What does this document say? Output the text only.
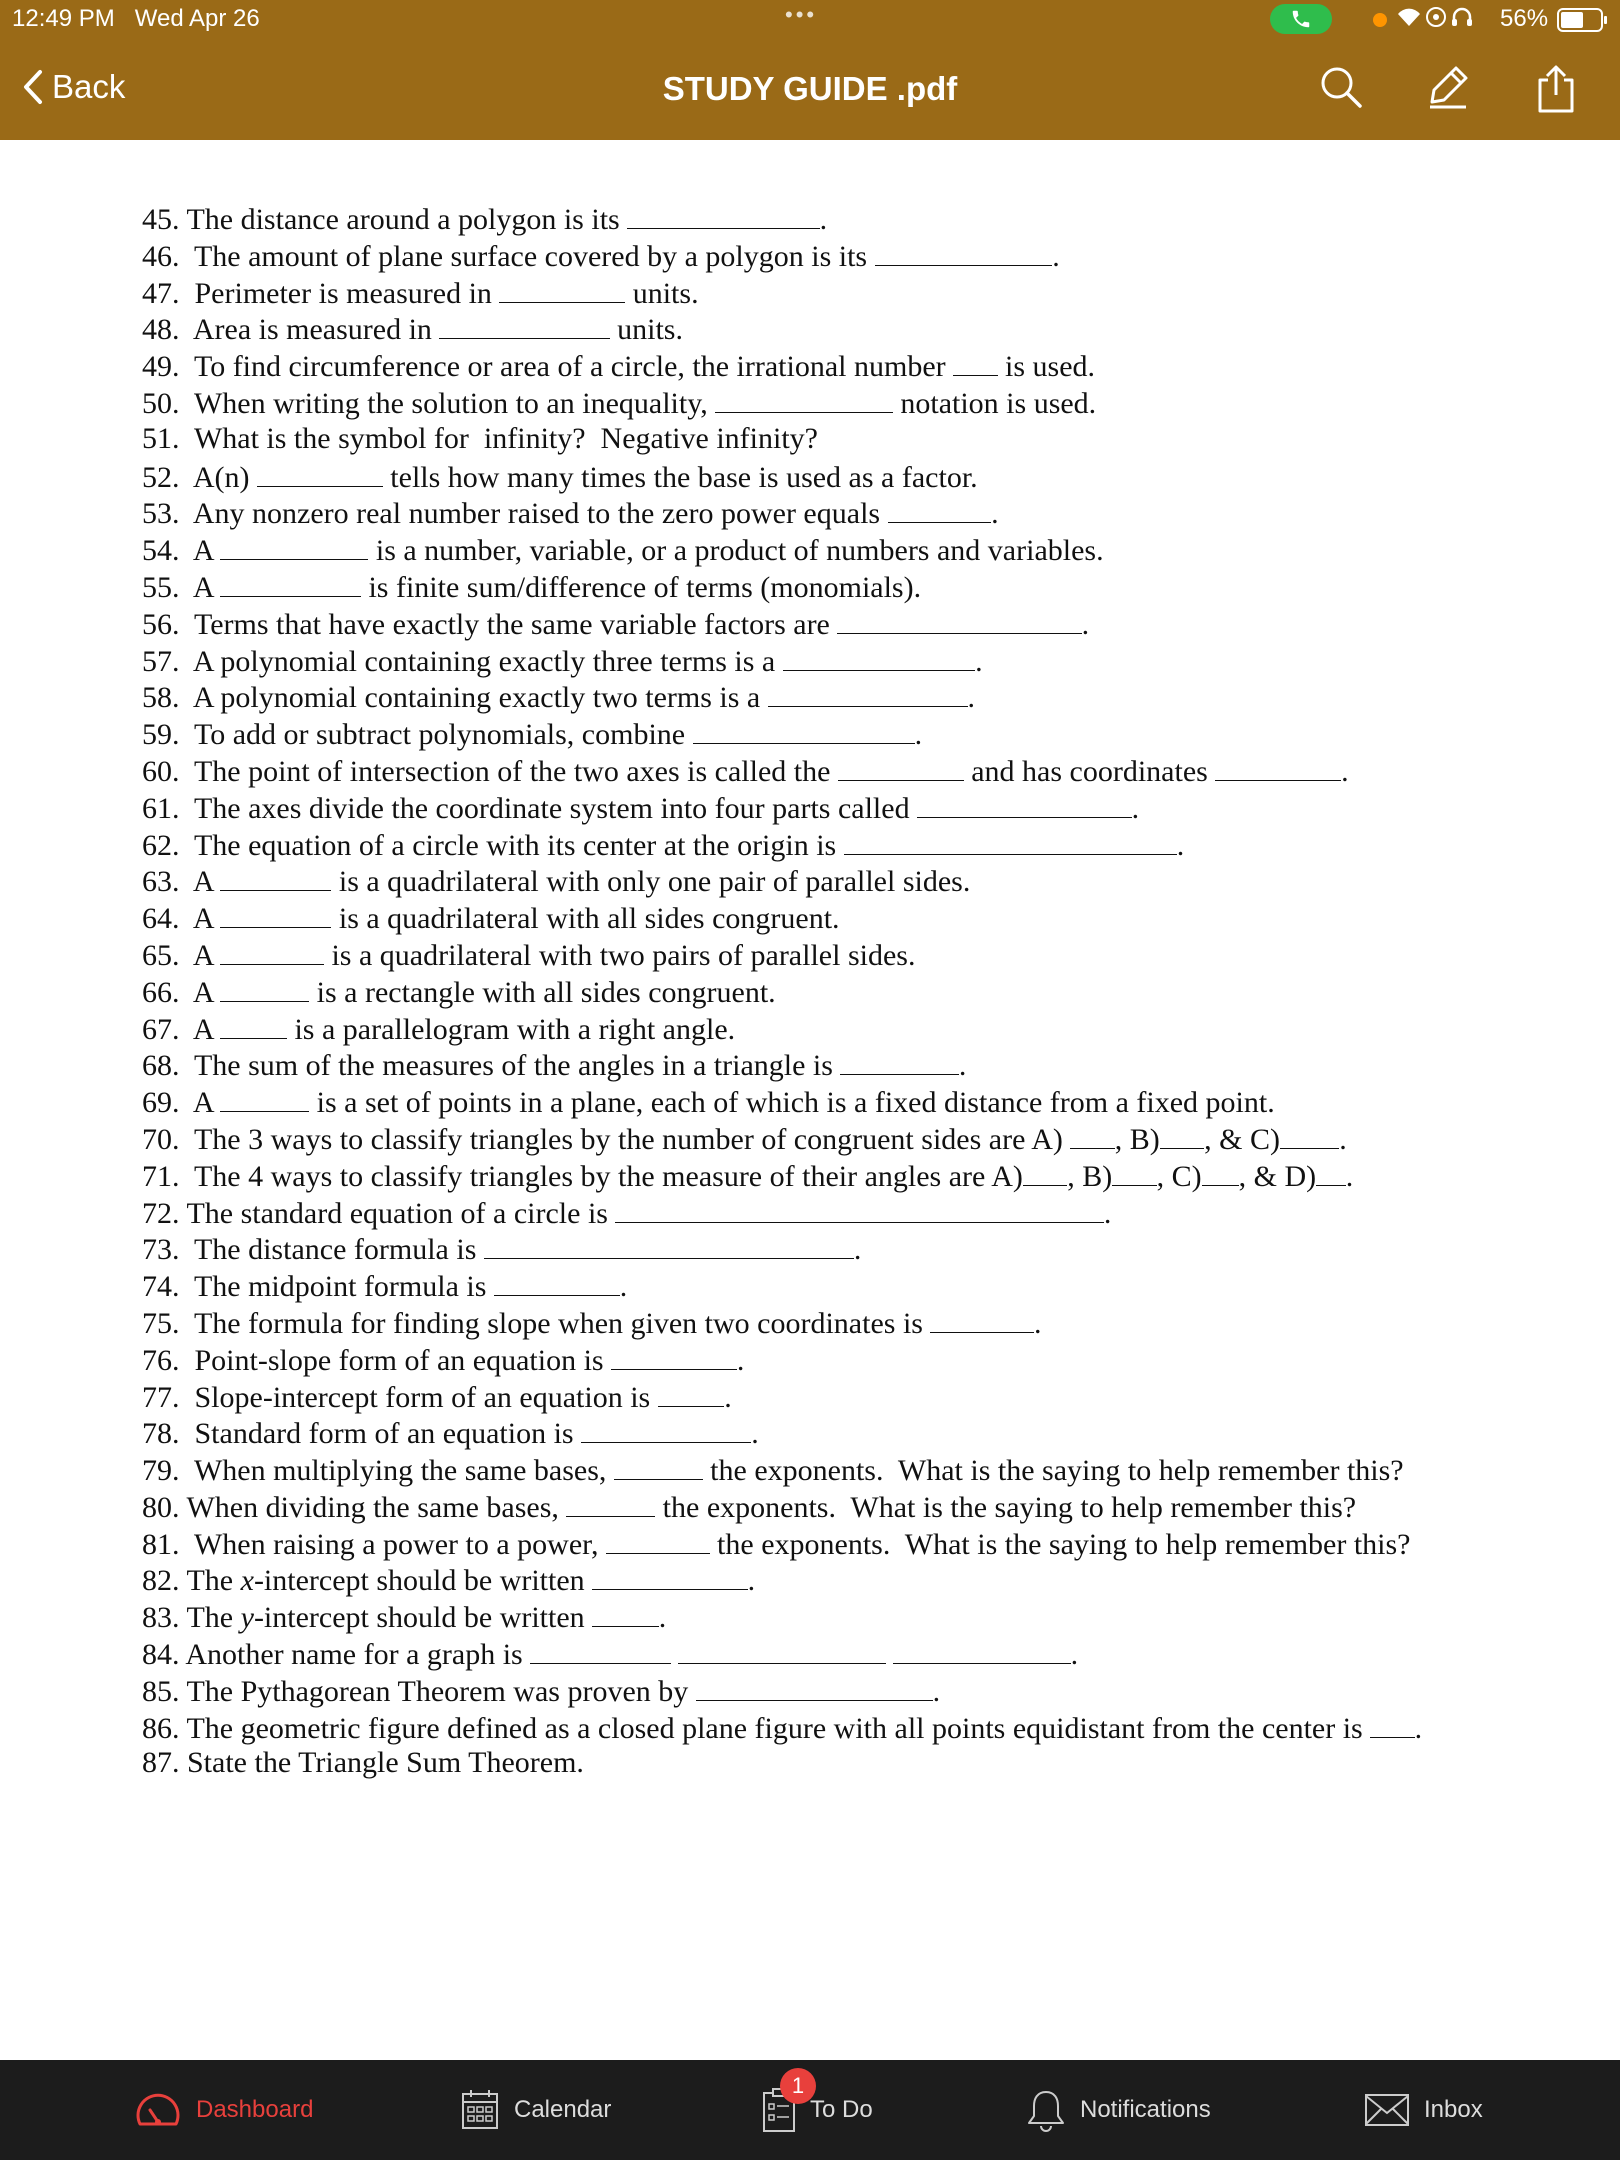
12:49 PM Wed Apr 26	•••	56%
Back	STUDY GUIDE .pdf
45. The distance around a polygon is its	.
46.  The amount of plane surface covered by a polygon is its	.
47.  Perimeter is measured in	units.
48.  Area is measured in	units.
49.  To find circumference or area of a circle, the irrational number  is used.
50.  When writing the solution to an inequality,	notation is used.
51.  What is the symbol for  infinity?  Negative infinity?
52.  A(n)	tells how many times the base is used as a factor.
53.  Any nonzero real number raised to the zero power equals	.
54.  A	is a number, variable, or a product of numbers and variables.
55.  A	is finite sum/difference of terms (monomials).
56.  Terms that have exactly the same variable factors are	.
57.  A polynomial containing exactly three terms is a	.
58.  A polynomial containing exactly two terms is a	.
59.  To add or subtract polynomials, combine	.
60.  The point of intersection of the two axes is called the	and has coordinates	.
61.  The axes divide the coordinate system into four parts called	.
62.  The equation of a circle with its center at the origin is	.
63.  A	is a quadrilateral with only one pair of parallel sides.
64.  A	is a quadrilateral with all sides congruent.
65.  A	is a quadrilateral with two pairs of parallel sides.
66.  A	is a rectangle with all sides congruent.
67.  A  is a parallelogram with a right angle.
68.  The sum of the measures of the angles in a triangle is	.
69.  A	is a set of points in a plane, each of which is a fixed distance from a fixed point.
70.  The 3 ways to classify triangles by the number of congruent sides are A) , B) , & C) .
71.  The 4 ways to classify triangles by the measure of their angles are A) , B) , C) , & D) .
72. The standard equation of a circle is	.
73.  The distance formula is	.
74.  The midpoint formula is	.
75.  The formula for finding slope when given two coordinates is	.
76.  Point-slope form of an equation is	.
77.  Slope-intercept form of an equation is .
78.  Standard form of an equation is	.
79.  When multiplying the same bases,	the exponents.  What is the saying to help remember this?
80. When dividing the same bases,	the exponents.  What is the saying to help remember this?
81.  When raising a power to a power,	the exponents.  What is the saying to help remember this?
82. The x-intercept should be written	.
83. The y-intercept should be written .
84. Another name for a graph is	.
85. The Pythagorean Theorem was proven by	.
86. The geometric figure defined as a closed plane figure with all points equidistant from the center is .
87. State the Triangle Sum Theorem.
Dashboard	Calendar	To Do
1
Notifications	Inbox
